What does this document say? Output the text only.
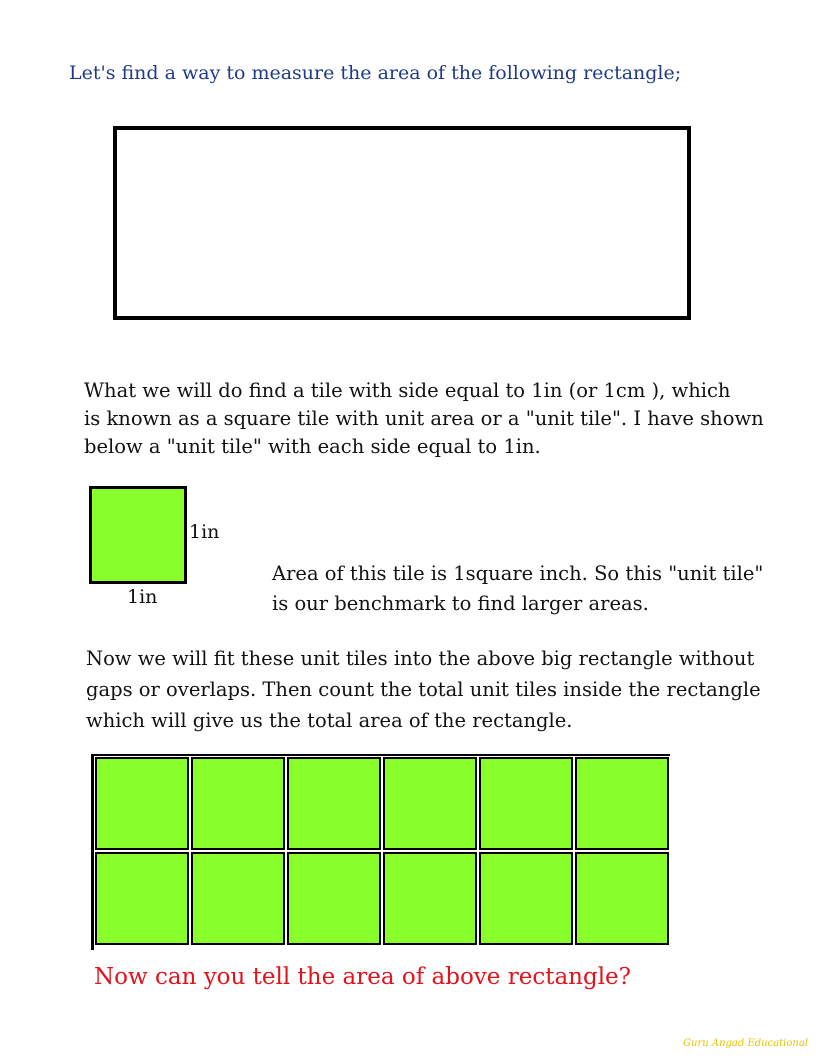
Let's find a way to measure the area of the following rectangle;

What we will do find a tile with side equal to 1in (or 1cm ), which
is known as a square tile with unit area or a "unit tile". I have shown
below a "unit tile" with each side equal to 1in.
1in
1in
Area of this tile is 1square inch. So this "unit tile"
is our benchmark to find larger areas.
Now we will fit these unit tiles into the above big rectangle without
gaps or overlaps. Then count the total unit tiles inside the rectangle
which will give us the total area of the rectangle.

Now can you tell the area of above rectangle?

Guru Angad Educational
